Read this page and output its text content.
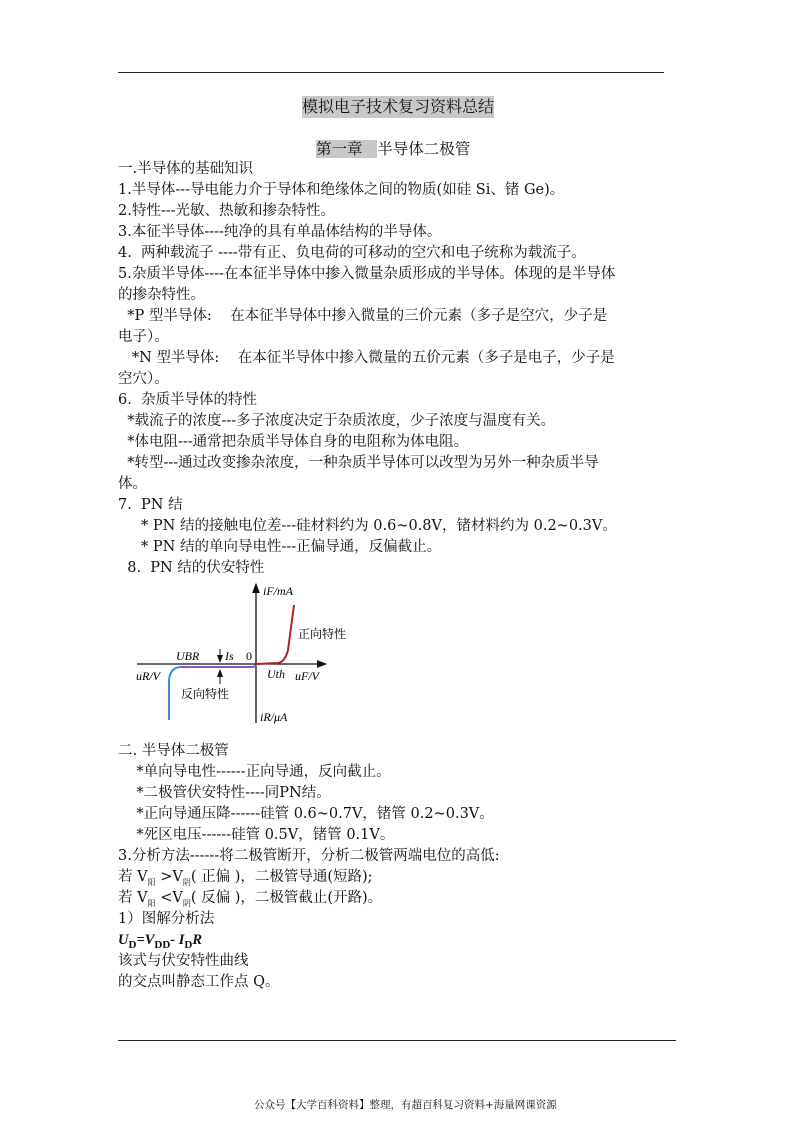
模拟电子技术复习资料总结
第一章 半导体二极管
一.半导体的基础知识
1.半导体---导电能力介于导体和绝缘体之间的物质(如硅 Si、锗 Ge)。
2.特性---光敏、热敏和掺杂特性。
3.本征半导体----纯净的具有单晶体结构的半导体。
4.  两种载流子 ----带有正、负电荷的可移动的空穴和电子统称为载流子。
5.杂质半导体----在本征半导体中掺入微量杂质形成的半导体。体现的是半导体
的掺杂特性。
*P 型半导体:    在本征半导体中掺入微量的三价元素（多子是空穴，少子是
电子）。
*N 型半导体:    在本征半导体中掺入微量的五价元素（多子是电子，少子是
空穴）。
6.  杂质半导体的特性
*载流子的浓度---多子浓度决定于杂质浓度，少子浓度与温度有关。
*体电阻---通常把杂质半导体自身的电阻称为体电阻。
*转型---通过改变掺杂浓度，一种杂质半导体可以改型为另外一种杂质半导
体。
7.  PN 结
* PN 结的接触电位差---硅材料约为 0.6~0.8V，锗材料约为 0.2~0.3V。
* PN 结的单向导电性---正偏导通，反偏截止。
8.  PN 结的伏安特性
iF/mA
正向特性
UBR Is 0
uR/V	Uth uF/V
反向特性
iR/μA
二. 半导体二极管
*单向导电性------正向导通，反向截止。
*二极管伏安特性----同PN结。
*正向导通压降------硅管 0.6~0.7V，锗管 0.2~0.3V。
*死区电压------硅管 0.5V，锗管 0.1V。
3.分析方法------将二极管断开，分析二极管两端电位的高低:
若 $V_阳 >V_阴$( 正偏 )，二极管导通(短路);
若 $V_阳 <V_阴$( 反偏 )，二极管截止(开路)。
1）图解分析法
$U_D=V_{DD}-$ $I_DR$
该式与伏安特性曲线
的交点叫静态工作点 Q。
公众号【大学百科资料】整理，有超百科复习资料+海量网课资源
